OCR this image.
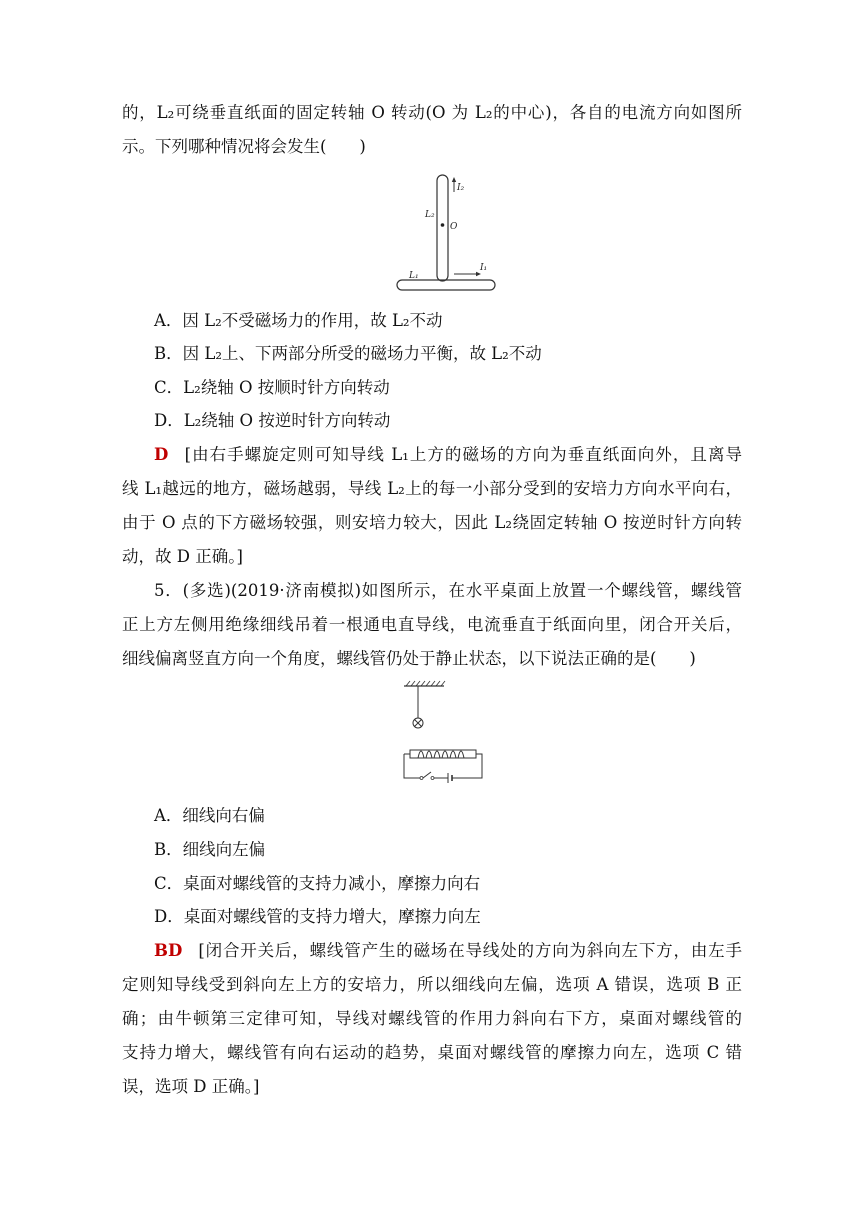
的，L₂可绕垂直纸面的固定转轴 O 转动(O 为 L₂的中心)，各自的电流方向如图所
示。下列哪种情况将会发生(　　)
I₂
L₂
O
L₁
I₁
A．因 L₂不受磁场力的作用，故 L₂不动
B．因 L₂上、下两部分所受的磁场力平衡，故 L₂不动
C．L₂绕轴 O 按顺时针方向转动
D．L₂绕轴 O 按逆时针方向转动
D [由右手螺旋定则可知导线 L₁上方的磁场的方向为垂直纸面向外，且离导
线 L₁越远的地方，磁场越弱，导线 L₂上的每一小部分受到的安培力方向水平向右，
由于 O 点的下方磁场较强，则安培力较大，因此 L₂绕固定转轴 O 按逆时针方向转
动，故 D 正确。]
5．(多选)(2019·济南模拟)如图所示，在水平桌面上放置一个螺线管，螺线管
正上方左侧用绝缘细线吊着一根通电直导线，电流垂直于纸面向里，闭合开关后，
细线偏离竖直方向一个角度，螺线管仍处于静止状态，以下说法正确的是(　　)
A．细线向右偏
B．细线向左偏
C．桌面对螺线管的支持力减小，摩擦力向右
D．桌面对螺线管的支持力增大，摩擦力向左
BD [闭合开关后，螺线管产生的磁场在导线处的方向为斜向左下方，由左手
定则知导线受到斜向左上方的安培力，所以细线向左偏，选项 A 错误，选项 B 正
确；由牛顿第三定律可知，导线对螺线管的作用力斜向右下方，桌面对螺线管的
支持力增大，螺线管有向右运动的趋势，桌面对螺线管的摩擦力向左，选项 C 错
误，选项 D 正确。]
